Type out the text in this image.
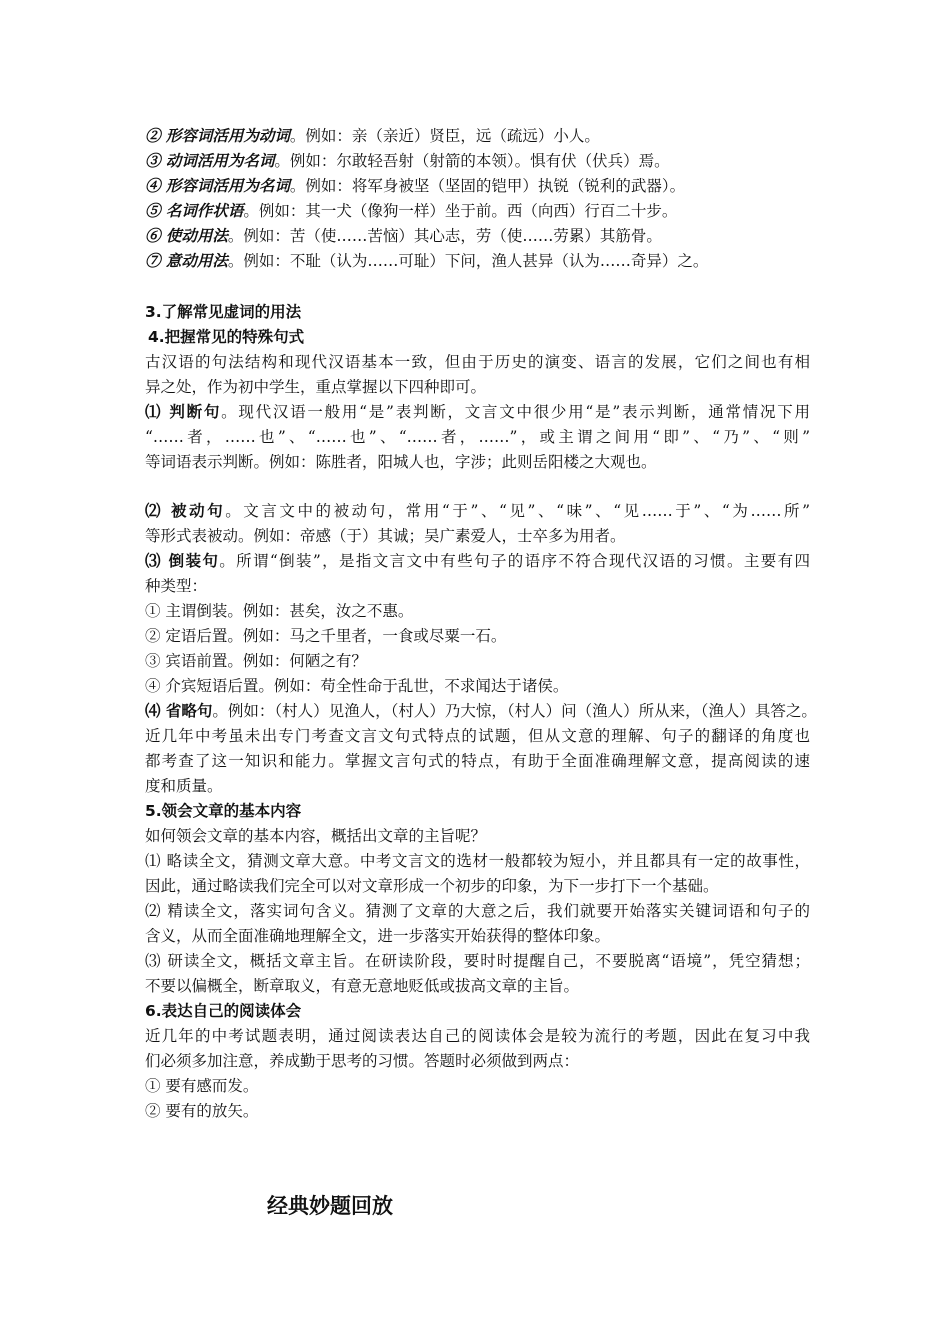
② 形容词活用为动词。例如：亲（亲近）贤臣，远（疏远）小人。
③ 动词活用为名词。例如：尔敢轻吾射（射箭的本领）。惧有伏（伏兵）焉。
④ 形容词活用为名词。例如：将军身被坚（坚固的铠甲）执锐（锐利的武器）。
⑤ 名词作状语。例如：其一犬（像狗一样）坐于前。西（向西）行百二十步。
⑥ 使动用法。例如：苦（使……苦恼）其心志，劳（使……劳累）其筋骨。
⑦ 意动用法。例如：不耻（认为……可耻）下问，渔人甚异（认为……奇异）之。
3.了解常见虚词的用法
4.把握常见的特殊句式
古汉语的句法结构和现代汉语基本一致，但由于历史的演变、语言的发展，它们之间也有相
异之处，作为初中学生，重点掌握以下四种即可。
⑴ 判断句。现代汉语一般用“是”表判断，文言文中很少用“是”表示判断，通常情况下用
“……者，……也”、“……也”、“……者，……”，或主谓之间用“即”、“乃”、“则”
等词语表示判断。例如：陈胜者，阳城人也，字涉；此则岳阳楼之大观也。
⑵ 被动句。文言文中的被动句，常用“于”、“见”、“味”、“见……于”、“为……所”
等形式表被动。例如：帝感（于）其诚；吴广素爱人，士卒多为用者。
⑶ 倒装句。所谓“倒装”，是指文言文中有些句子的语序不符合现代汉语的习惯。主要有四
种类型：
① 主谓倒装。例如：甚矣，汝之不惠。
② 定语后置。例如：马之千里者，一食或尽粟一石。
③ 宾语前置。例如：何陋之有？
④ 介宾短语后置。例如：苟全性命于乱世，不求闻达于诸侯。
⑷ 省略句。例如：（村人）见渔人，（村人）乃大惊，（村人）问（渔人）所从来，（渔人）具答之。
近几年中考虽未出专门考查文言文句式特点的试题，但从文意的理解、句子的翻译的角度也
都考查了这一知识和能力。掌握文言句式的特点，有助于全面准确理解文意，提高阅读的速
度和质量。
5.领会文章的基本内容
如何领会文章的基本内容，概括出文章的主旨呢？
⑴ 略读全文，猜测文章大意。中考文言文的选材一般都较为短小，并且都具有一定的故事性，
因此，通过略读我们完全可以对文章形成一个初步的印象，为下一步打下一个基础。
⑵ 精读全文，落实词句含义。猜测了文章的大意之后，我们就要开始落实关键词语和句子的
含义，从而全面准确地理解全文，进一步落实开始获得的整体印象。
⑶ 研读全文，概括文章主旨。在研读阶段，要时时提醒自己，不要脱离“语境”，凭空猜想；
不要以偏概全，断章取义，有意无意地贬低或拔高文章的主旨。
6.表达自己的阅读体会
近几年的中考试题表明，通过阅读表达自己的阅读体会是较为流行的考题，因此在复习中我
们必须多加注意，养成勤于思考的习惯。答题时必须做到两点：
① 要有感而发。
② 要有的放矢。
经典妙题回放
